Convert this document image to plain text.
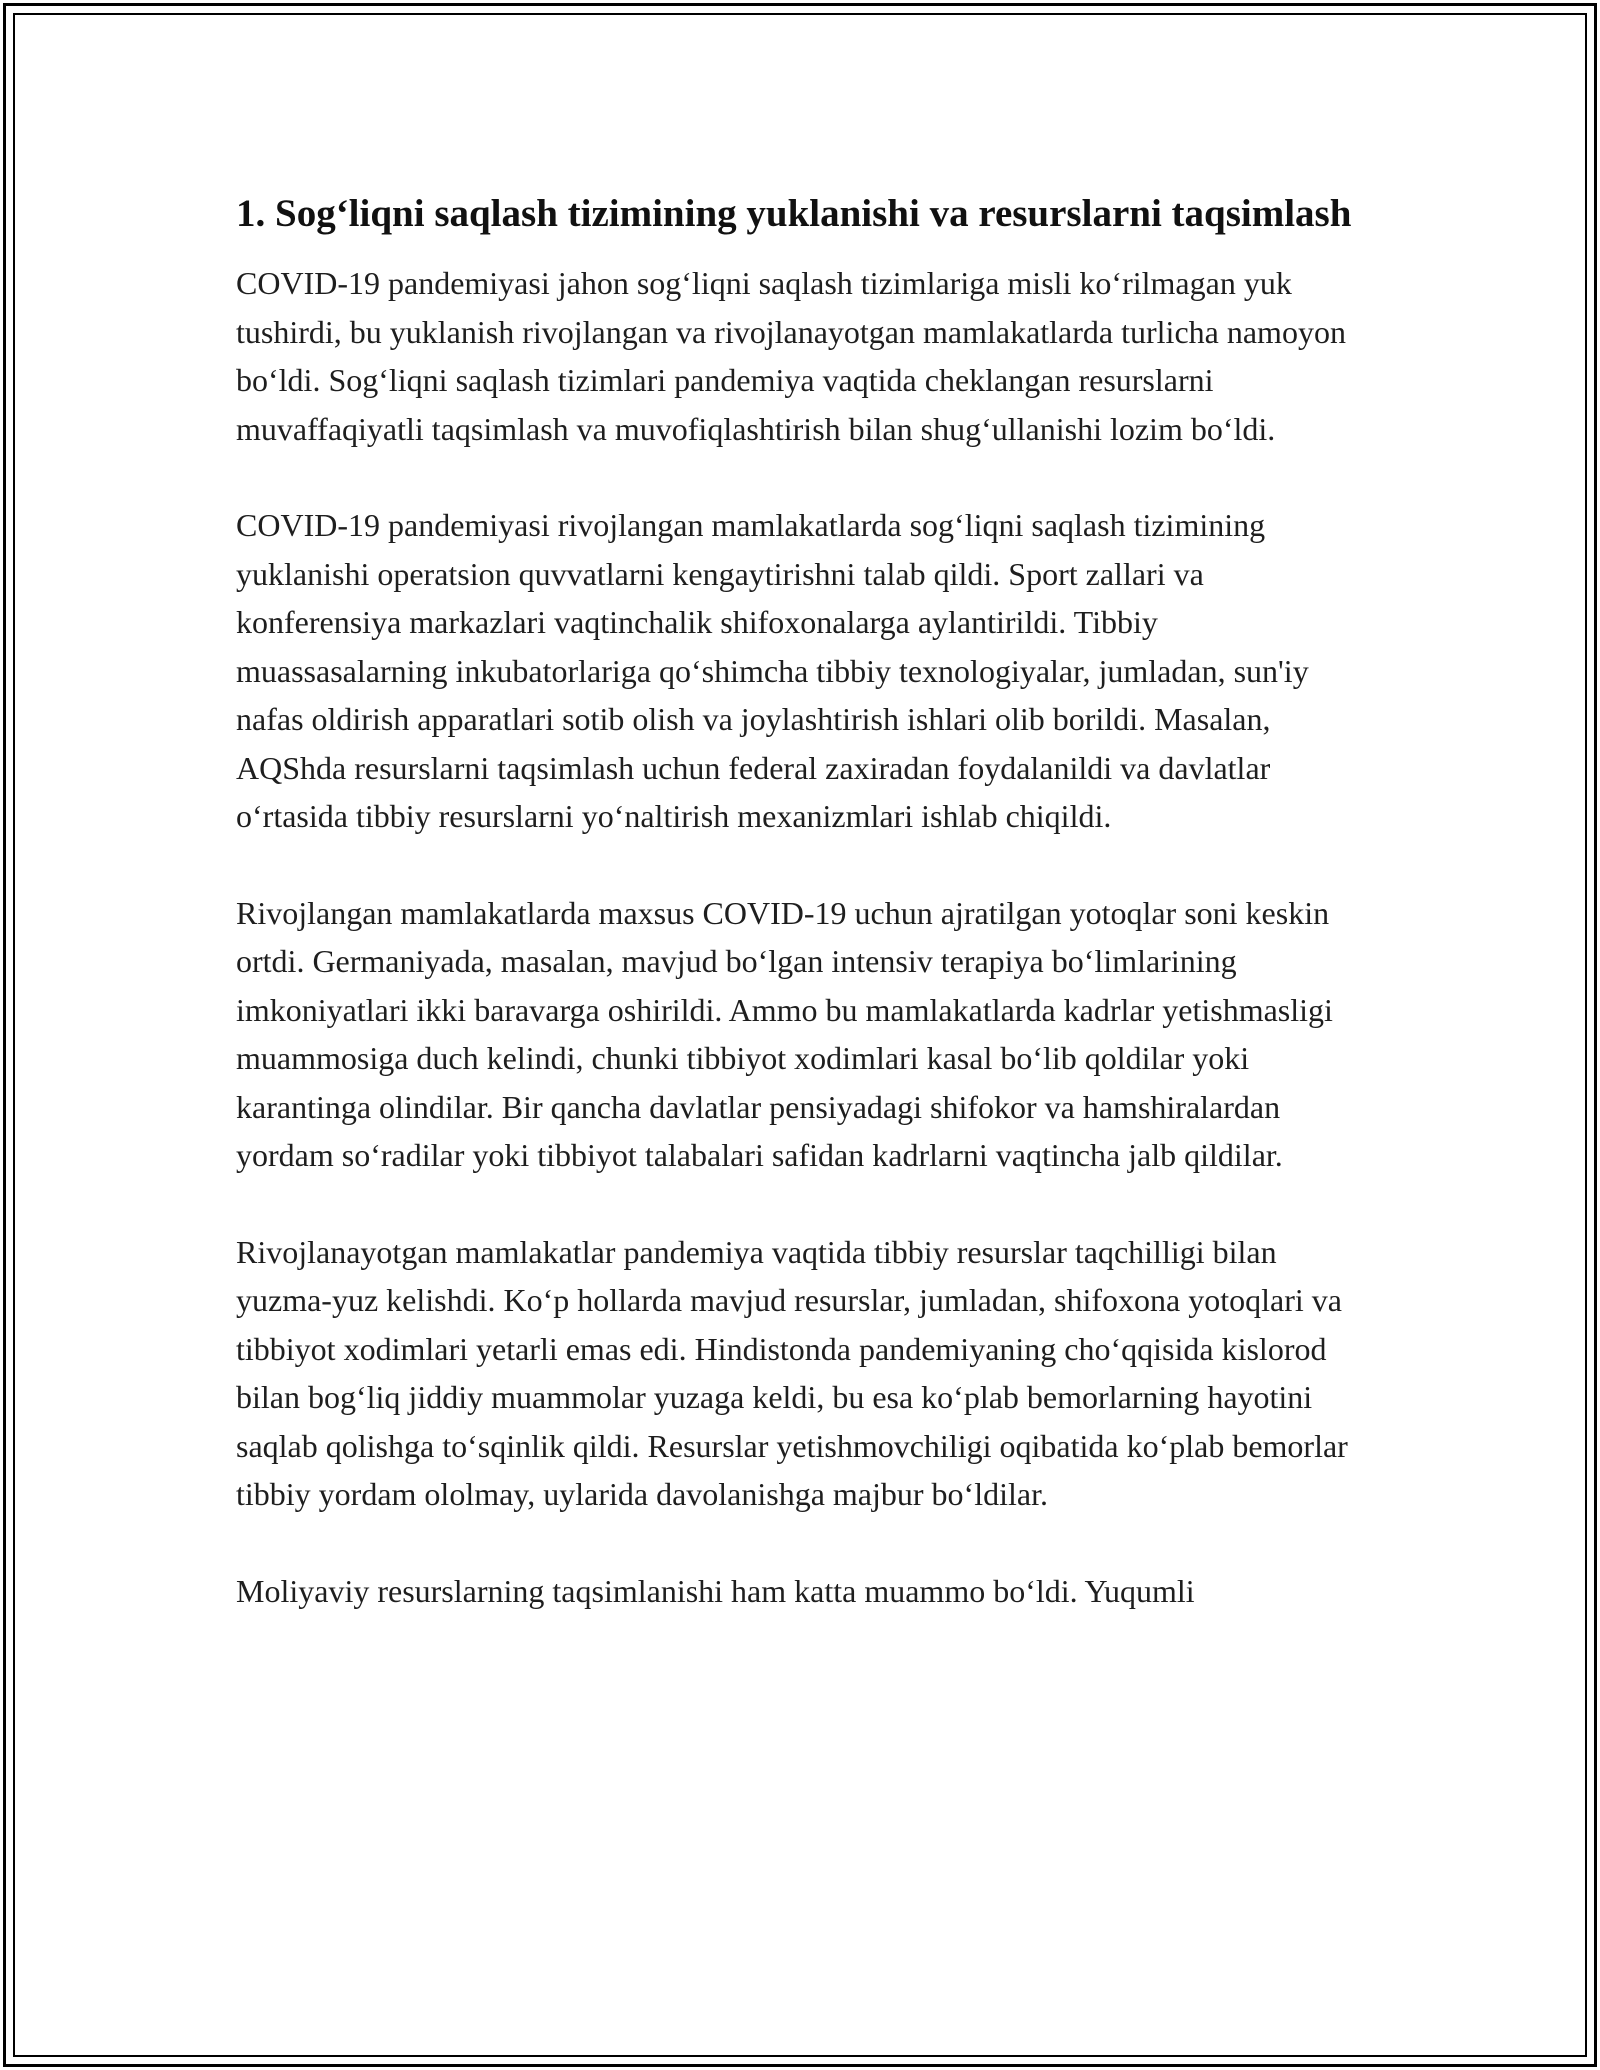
1. Sog‘liqni saqlash tizimining yuklanishi va resurslarni taqsimlash

COVID-19 pandemiyasi jahon sog‘liqni saqlash tizimlariga misli ko‘rilmagan yuk tushirdi, bu yuklanish rivojlangan va rivojlanayotgan mamlakatlarda turlicha namoyon bo‘ldi. Sog‘liqni saqlash tizimlari pandemiya vaqtida cheklangan resurslarni muvaffaqiyatli taqsimlash va muvofiqlashtirish bilan shug‘ullanishi lozim bo‘ldi.

COVID-19 pandemiyasi rivojlangan mamlakatlarda sog‘liqni saqlash tizimining yuklanishi operatsion quvvatlarni kengaytirishni talab qildi. Sport zallari va konferensiya markazlari vaqtinchalik shifoxonalarga aylantirildi. Tibbiy muassasalarning inkubatorlariga qo‘shimcha tibbiy texnologiyalar, jumladan, sun'iy nafas oldirish apparatlari sotib olish va joylashtirish ishlari olib borildi. Masalan, AQShda resurslarni taqsimlash uchun federal zaxiradan foydalanildi va davlatlar o‘rtasida tibbiy resurslarni yo‘naltirish mexanizmlari ishlab chiqildi.

Rivojlangan mamlakatlarda maxsus COVID-19 uchun ajratilgan yotoqlar soni keskin ortdi. Germaniyada, masalan, mavjud bo‘lgan intensiv terapiya bo‘limlarining imkoniyatlari ikki baravarga oshirildi. Ammo bu mamlakatlarda kadrlar yetishmasligi muammosiga duch kelindi, chunki tibbiyot xodimlari kasal bo‘lib qoldilar yoki karantinga olindilar. Bir qancha davlatlar pensiyadagi shifokor va hamshiralardan yordam so‘radilar yoki tibbiyot talabalari safidan kadrlarni vaqtincha jalb qildilar.

Rivojlanayotgan mamlakatlar pandemiya vaqtida tibbiy resurslar taqchilligi bilan yuzma-yuz kelishdi. Ko‘p hollarda mavjud resurslar, jumladan, shifoxona yotoqlari va tibbiyot xodimlari yetarli emas edi. Hindistonda pandemiyaning cho‘qqisida kislorod bilan bog‘liq jiddiy muammolar yuzaga keldi, bu esa ko‘plab bemorlarning hayotini saqlab qolishga to‘sqinlik qildi. Resurslar yetishmovchiligi oqibatida ko‘plab bemorlar tibbiy yordam ololmay, uylarida davolanishga majbur bo‘ldilar.

Moliyaviy resurslarning taqsimlanishi ham katta muammo bo‘ldi. Yuqumli
